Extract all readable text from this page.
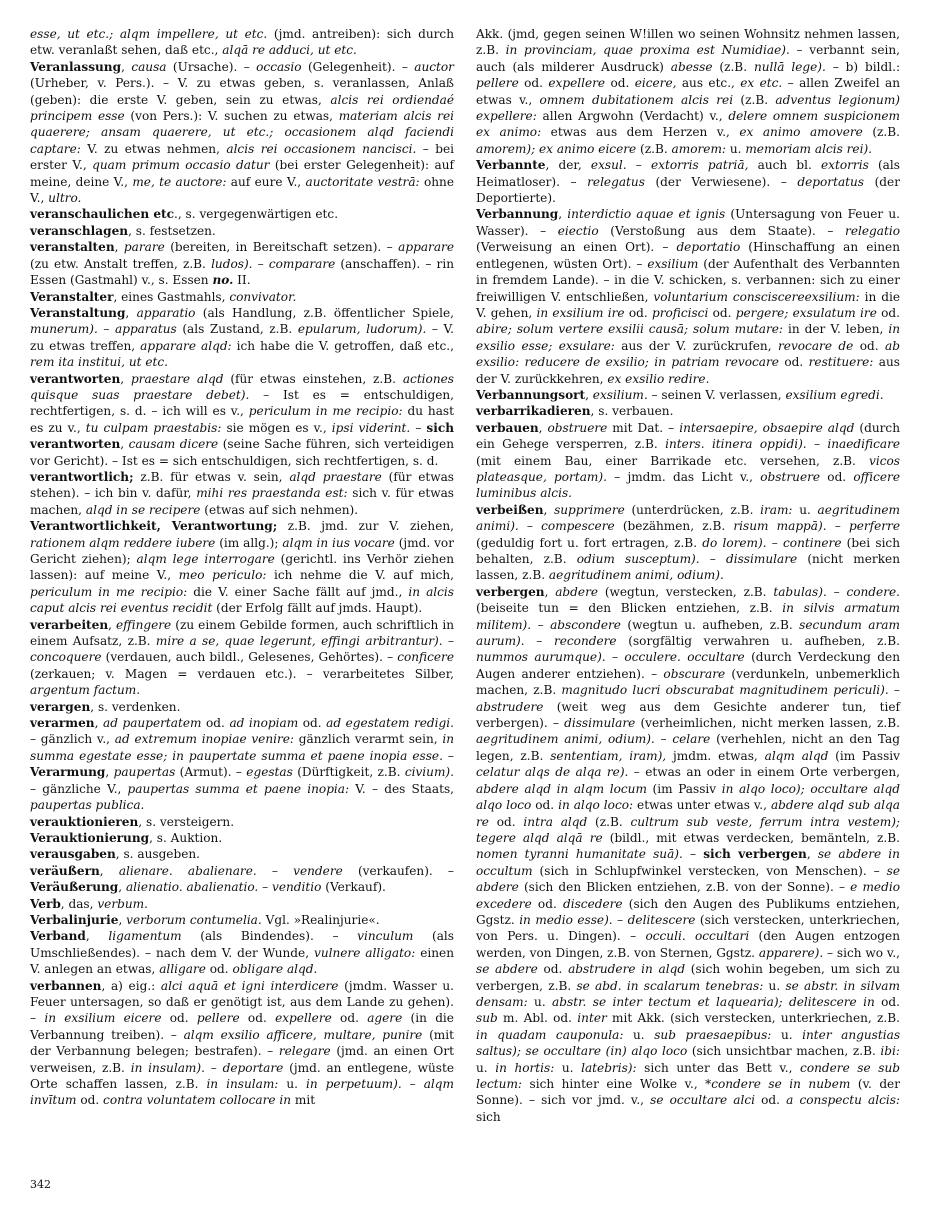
esse, ut etc.; alqm impellere, ut etc. (jmd. antreiben): sich durch etw. veranlaßt sehen, daß etc., alqā re adduci, ut etc.

Veranlassung, causa (Ursache). – occasio (Gelegenheit). – auctor (Urheber, v. Pers.). – V. zu etwas geben, s. veranlassen, Anlaß (geben): die erste V. geben, sein zu etwas, alcis rei ordiendaé principem esse (von Pers.): V. suchen zu etwas, materiam alcis rei quaerere; ansam quaerere, ut etc.; occasionem alqd faciendi captare: V. zu etwas nehmen, alcis rei occasionem nancisci. – bei erster V., quam primum occasio datur (bei erster Gelegenheit): auf meine, deine V., me, te auctore: auf eure V., auctoritate vestrā: ohne V., ultro.

veranschaulichen etc., s. vergegenwärtigen etc.

veranschlagen, s. festsetzen.

veranstalten, parare (bereiten, in Bereitschaft setzen). – apparare (zu etw. Anstalt treffen, z.B. ludos). – comparare (anschaffen). – rin Essen (Gastmahl) v., s. Essen no. II.

Veranstalter, eines Gastmahls, convivator.

Veranstaltung, apparatio (als Handlung, z.B. öffentlicher Spiele, munerum). – apparatus (als Zustand, z.B. epularum, ludorum). – V. zu etwas treffen, apparare alqd: ich habe die V. getroffen, daß etc., rem ita institui, ut etc.

verantworten, praestare alqd (für etwas einstehen, z.B. actiones quisque suas praestare debet). – Ist es = entschuldigen, rechtfertigen, s. d. – ich will es v., periculum in me recipio: du hast es zu v., tu culpam praestabis: sie mögen es v., ipsi viderint. – sich verantworten, causam dicere (seine Sache führen, sich verteidigen vor Gericht). – Ist es = sich entschuldigen, sich rechtfertigen, s. d.

verantwortlich; z.B. für etwas v. sein, alqd praestare (für etwas stehen). – ich bin v. dafür, mihi res praestanda est: sich v. für etwas machen, alqd in se recipere (etwas auf sich nehmen).

Verantwortlichkeit, Verantwortung; z.B. jmd. zur V. ziehen, rationem alqm reddere iubere (im allg.); alqm in ius vocare (jmd. vor Gericht ziehen); alqm lege interrogare (gerichtl. ins Verhör ziehen lassen): auf meine V., meo periculo: ich nehme die V. auf mich, periculum in me recipio: die V. einer Sache fällt auf jmd., in alcis caput alcis rei eventus recidit (der Erfolg fällt auf jmds. Haupt).

verarbeiten, effingere (zu einem Gebilde formen, auch schriftlich in einem Aufsatz, z.B. mire a se, quae legerunt, effingi arbitrantur). – concoquere (verdauen, auch bildl., Gelesenes, Gehörtes). – conficere (zerkauen; v. Magen = verdauen etc.). – verarbeitetes Silber, argentum factum.

verargen, s. verdenken.

verarmen, ad paupertatem od. ad inopiam od. ad egestatem redigi. – gänzlich v., ad extremum inopiae venire: gänzlich verarmt sein, in summa egestate esse; in paupertate summa et paene inopia esse. – Verarmung, paupertas (Armut). – egestas (Dürftigkeit, z.B. civium). – gänzliche V., paupertas summa et paene inopia: V. – des Staats, paupertas publica.

verauktionieren, s. versteigern.

Verauktionierung, s. Auktion.

verausgaben, s. ausgeben.

veräußern, alienare. abalienare. – vendere (verkaufen). – Veräußerung, alienatio. abalienatio. – venditio (Verkauf).

Verb, das, verbum.

Verbalinjurie, verborum contumelia. Vgl. »Realinjurie«.

Verband, ligamentum (als Bindendes). – vinculum (als Umschließendes). – nach dem V. der Wunde, vulnere alligato: einen V. anlegen an etwas, alligare od. obligare alqd.

verbannen, a) eig.: alci aquā et igni interdicere (jmdm. Wasser u. Feuer untersagen, so daß er genötigt ist, aus dem Lande zu gehen). – in exsilium eicere od. pellere od. expellere od. agere (in die Verbannung treiben). – alqm exsilio afficere, multare, punire (mit der Verbannung belegen; bestrafen). – relegare (jmd. an einen Ort verweisen, z.B. in insulam). – deportare (jmd. an entlegene, wüste Orte schaffen lassen, z.B. in insulam: u. in perpetuum). – alqm invītum od. contra voluntatem collocare in mit

Akk. (jmd, gegen seinen W!illen wo seinen Wohnsitz nehmen lassen, z.B. in provinciam, quae proxima est Numidiae). – verbannt sein, auch (als milderer Ausdruck) abesse (z.B. nullā lege). – b) bildl.: pellere od. expellere od. eicere, aus etc., ex etc. – allen Zweifel an etwas v., omnem dubitationem alcis rei (z.B. adventus legionum) expellere: allen Argwohn (Verdacht) v., delere omnem suspicionem ex animo: etwas aus dem Herzen v., ex animo amovere (z.B. amorem); ex animo eicere (z.B. amorem: u. memoriam alcis rei).

Verbannte, der, exsul. – extorris patriā, auch bl. extorris (als Heimatloser). – relegatus (der Verwiesene). – deportatus (der Deportierte).

Verbannung, interdictio aquae et ignis (Untersagung von Feuer u. Wasser). – eiectio (Verstoßung aus dem Staate). – relegatio (Verweisung an einen Ort). – deportatio (Hinschaffung an einen entlegenen, wüsten Ort). – exsilium (der Aufenthalt des Verbannten in fremdem Lande). – in die V. schicken, s. verbannen: sich zu einer freiwilligen V. entschließen, voluntarium consciscereexsilium: in die V. gehen, in exsilium ire od. proficisci od. pergere; exsulatum ire od. abire; solum vertere exsilii causā; solum mutare: in der V. leben, in exsilio esse; exsulare: aus der V. zurückrufen, revocare de od. ab exsilio: reducere de exsilio; in patriam revocare od. restituere: aus der V. zurückkehren, ex exsilio redire.

Verbannungsort, exsilium. – seinen V. verlassen, exsilium egredi.

verbarrikadieren, s. verbauen.

verbauen, obstruere mit Dat. – intersaepire, obsaepire alqd (durch ein Gehege versperren, z.B. inters. itinera oppidi). – inaedificare (mit einem Bau, einer Barrikade etc. versehen, z.B. vicos plateasque, portam). – jmdm. das Licht v., obstruere od. officere luminibus alcis.

verbeißen, supprimere (unterdrücken, z.B. iram: u. aegritudinem animi). – compescere (bezähmen, z.B. risum mappā). – perferre (geduldig fort u. fort ertragen, z.B. do lorem). – continere (bei sich behalten, z.B. odium susceptum). – dissimulare (nicht merken lassen, z.B. aegritudinem animi, odium).

verbergen, abdere (wegtun, verstecken, z.B. tabulas). – condere. (beiseite tun = den Blicken entziehen, z.B. in silvis armatum militem). – abscondere (wegtun u. aufheben, z.B. secundum aram aurum). – recondere (sorgfältig verwahren u. aufheben, z.B. nummos aurumque). – occulere. occultare (durch Verdeckung den Augen anderer entziehen). – obscurare (verdunkeln, unbemerklich machen, z.B. magnitudo lucri obscurabat magnitudinem periculi). – abstrudere (weit weg aus dem Gesichte anderer tun, tief verbergen). – dissimulare (verheimlichen, nicht merken lassen, z.B. aegritudinem animi, odium). – celare (verhehlen, nicht an den Tag legen, z.B. sententiam, iram), jmdm. etwas, alqm alqd (im Passiv celatur alqs de alqa re). – etwas an oder in einem Orte verbergen, abdere alqd in alqm locum (im Passiv in alqo loco); occultare alqd alqo loco od. in alqo loco: etwas unter etwas v., abdere alqd sub alqa re od. intra alqd (z.B. cultrum sub veste, ferrum intra vestem); tegere alqd alqā re (bildl., mit etwas verdecken, bemänteln, z.B. nomen tyranni humanitate suā). – sich verbergen, se abdere in occultum (sich in Schlupfwinkel verstecken, von Menschen). – se abdere (sich den Blicken entziehen, z.B. von der Sonne). – e medio excedere od. discedere (sich den Augen des Publikums entziehen, Ggstz. in medio esse). – delitescere (sich verstecken, unterkriechen, von Pers. u. Dingen). – occuli. occultari (den Augen entzogen werden, von Dingen, z.B. von Sternen, Ggstz. apparere). – sich wo v., se abdere od. abstrudere in alqd (sich wohin begeben, um sich zu verbergen, z.B. se abd. in scalarum tenebras: u. se abstr. in silvam densam: u. abstr. se inter tectum et laquearia); delitescere in od. sub m. Abl. od. inter mit Akk. (sich verstecken, unterkriechen, z.B. in quadam cauponula: u. sub praesaepibus: u. inter angustias saltus); se occultare (in) alqo loco (sich unsichtbar machen, z.B. ibi: u. in hortis: u. latebris): sich unter das Bett v., condere se sub lectum: sich hinter eine Wolke v., *condere se in nubem (v. der Sonne). – sich vor jmd. v., se occultare alci od. a conspectu alcis: sich

342
